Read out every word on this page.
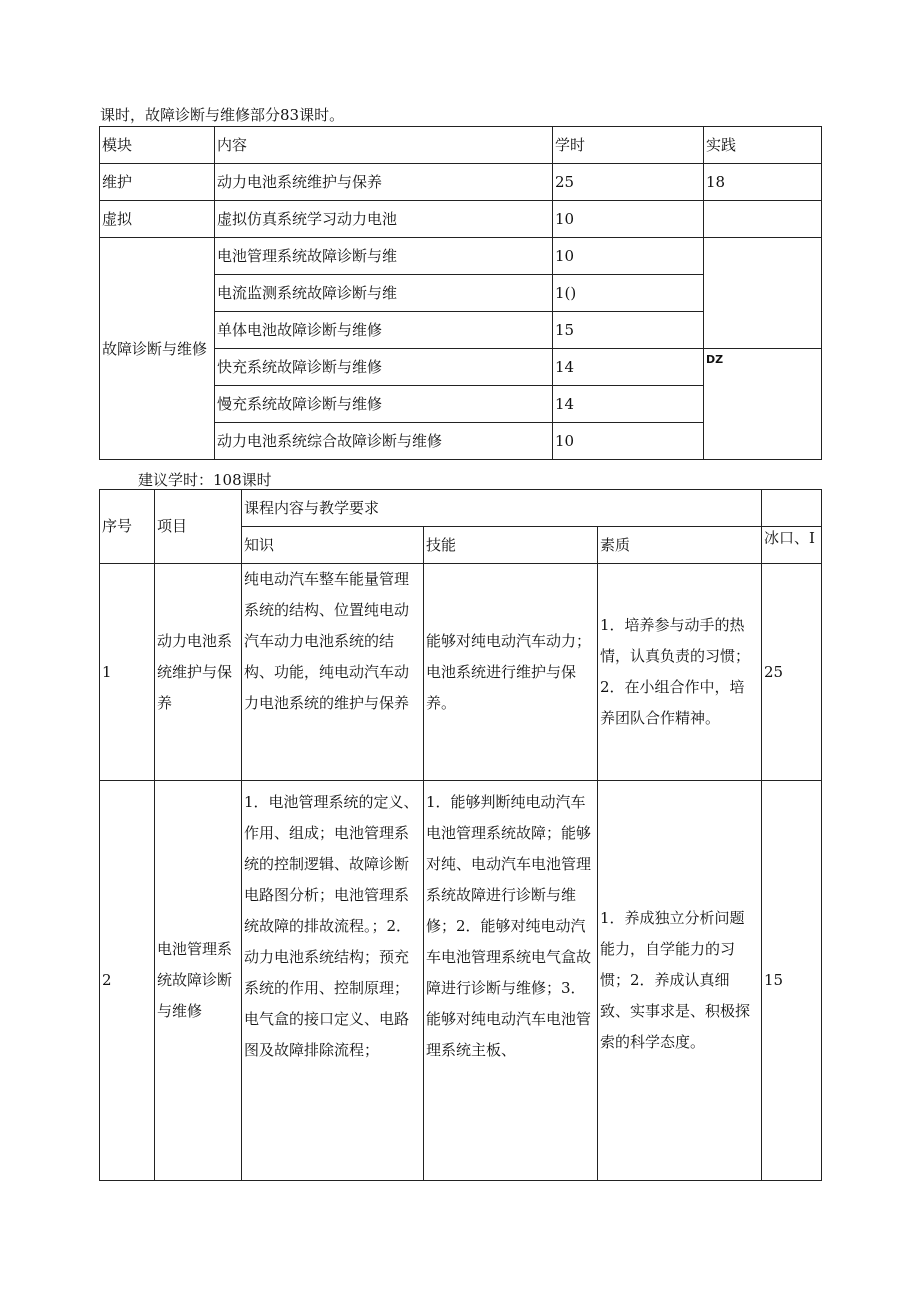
课时，故障诊断与维修部分83课时。
模块	内容	学时	实践
维护	动力电池系统维护与保养	25	18
虚拟	虚拟仿真系统学习动力电池	10	
故障诊断与维修	电池管理系统故障诊断与维	10	
	电流监测系统故障诊断与维	1()	
	单体电池故障诊断与维修	15	
	快充系统故障诊断与维修	14	DZ
	慢充系统故障诊断与维修	14	
	动力电池系统综合故障诊断与维修	10	
建议学时：108课时
序号	项目	课程内容与教学要求			
		知识	技能	素质	冰口、I
1	动力电池系统维护与保养	纯电动汽车整车能量管理系统的结构、位置纯电动汽车动力电池系统的结构、功能，纯电动汽车动力电池系统的维护与保养	能够对纯电动汽车动力；电池系统进行维护与保养。	1．培养参与动手的热情，认真负责的习惯；2．在小组合作中，培养团队合作精神。	25
2	电池管理系统故障诊断与维修	1．电池管理系统的定义、作用、组成；电池管理系统的控制逻辑、故障诊断电路图分析；电池管理系统故障的排故流程。；2．动力电池系统结构；预充系统的作用、控制原理；电气盒的接口定义、电路图及故障排除流程；	1．能够判断纯电动汽车电池管理系统故障；能够对纯、电动汽车电池管理系统故障进行诊断与维修；2．能够对纯电动汽车电池管理系统电气盒故障进行诊断与维修；3．能够对纯电动汽车电池管理系统主板、	1．养成独立分析问题能力，自学能力的习惯；2．养成认真细致、实事求是、积极探索的科学态度。	15
